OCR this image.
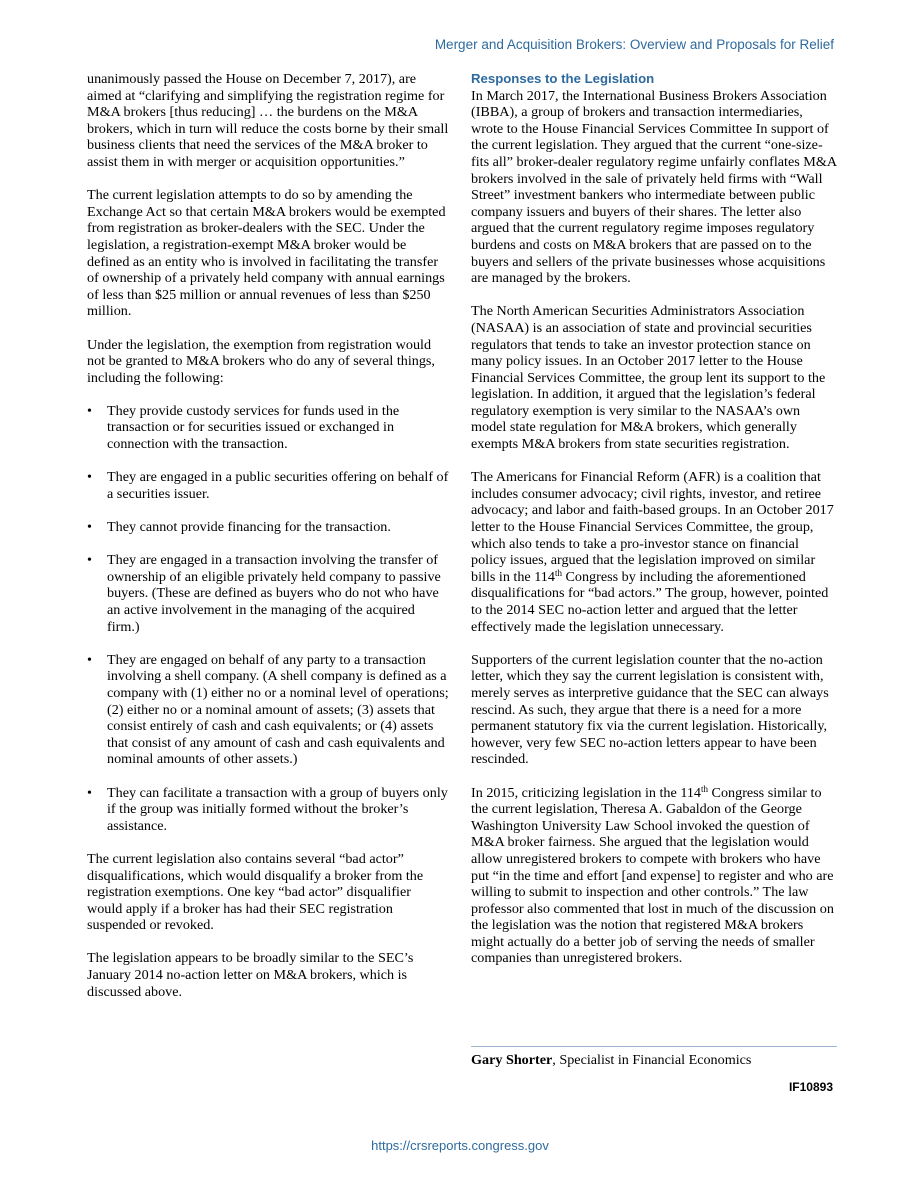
Merger and Acquisition Brokers: Overview and Proposals for Relief

unanimously passed the House on December 7, 2017), are aimed at “clarifying and simplifying the registration regime for M&A brokers [thus reducing] … the burdens on the M&A brokers, which in turn will reduce the costs borne by their small business clients that need the services of the M&A broker to assist them in with merger or acquisition opportunities.”

The current legislation attempts to do so by amending the Exchange Act so that certain M&A brokers would be exempted from registration as broker-dealers with the SEC. Under the legislation, a registration-exempt M&A broker would be defined as an entity who is involved in facilitating the transfer of ownership of a privately held company with annual earnings of less than $25 million or annual revenues of less than $250 million.

Under the legislation, the exemption from registration would not be granted to M&A brokers who do any of several things, including the following:

• They provide custody services for funds used in the transaction or for securities issued or exchanged in connection with the transaction.
• They are engaged in a public securities offering on behalf of a securities issuer.
• They cannot provide financing for the transaction.
• They are engaged in a transaction involving the transfer of ownership of an eligible privately held company to passive buyers. (These are defined as buyers who do not who have an active involvement in the managing of the acquired firm.)
• They are engaged on behalf of any party to a transaction involving a shell company. (A shell company is defined as a company with (1) either no or a nominal level of operations; (2) either no or a nominal amount of assets; (3) assets that consist entirely of cash and cash equivalents; or (4) assets that consist of any amount of cash and cash equivalents and nominal amounts of other assets.)
• They can facilitate a transaction with a group of buyers only if the group was initially formed without the broker’s assistance.

The current legislation also contains several “bad actor” disqualifications, which would disqualify a broker from the registration exemptions. One key “bad actor” disqualifier would apply if a broker has had their SEC registration suspended or revoked.

The legislation appears to be broadly similar to the SEC’s January 2014 no-action letter on M&A brokers, which is discussed above.

Responses to the Legislation

In March 2017, the International Business Brokers Association (IBBA), a group of brokers and transaction intermediaries, wrote to the House Financial Services Committee In support of the current legislation. They argued that the current “one-size-fits all” broker-dealer regulatory regime unfairly conflates M&A brokers involved in the sale of privately held firms with “Wall Street” investment bankers who intermediate between public company issuers and buyers of their shares. The letter also argued that the current regulatory regime imposes regulatory burdens and costs on M&A brokers that are passed on to the buyers and sellers of the private businesses whose acquisitions are managed by the brokers.

The North American Securities Administrators Association (NASAA) is an association of state and provincial securities regulators that tends to take an investor protection stance on many policy issues. In an October 2017 letter to the House Financial Services Committee, the group lent its support to the legislation. In addition, it argued that the legislation’s federal regulatory exemption is very similar to the NASAA’s own model state regulation for M&A brokers, which generally exempts M&A brokers from state securities registration.

The Americans for Financial Reform (AFR) is a coalition that includes consumer advocacy; civil rights, investor, and retiree advocacy; and labor and faith-based groups. In an October 2017 letter to the House Financial Services Committee, the group, which also tends to take a pro-investor stance on financial policy issues, argued that the legislation improved on similar bills in the 114th Congress by including the aforementioned disqualifications for “bad actors.” The group, however, pointed to the 2014 SEC no-action letter and argued that the letter effectively made the legislation unnecessary.

Supporters of the current legislation counter that the no-action letter, which they say the current legislation is consistent with, merely serves as interpretive guidance that the SEC can always rescind. As such, they argue that there is a need for a more permanent statutory fix via the current legislation. Historically, however, very few SEC no-action letters appear to have been rescinded.

In 2015, criticizing legislation in the 114th Congress similar to the current legislation, Theresa A. Gabaldon of the George Washington University Law School invoked the question of M&A broker fairness. She argued that the legislation would allow unregistered brokers to compete with brokers who have put “in the time and effort [and expense] to register and who are willing to submit to inspection and other controls.” The law professor also commented that lost in much of the discussion on the legislation was the notion that registered M&A brokers might actually do a better job of serving the needs of smaller companies than unregistered brokers.

Gary Shorter, Specialist in Financial Economics
IF10893
https://crsreports.congress.gov
